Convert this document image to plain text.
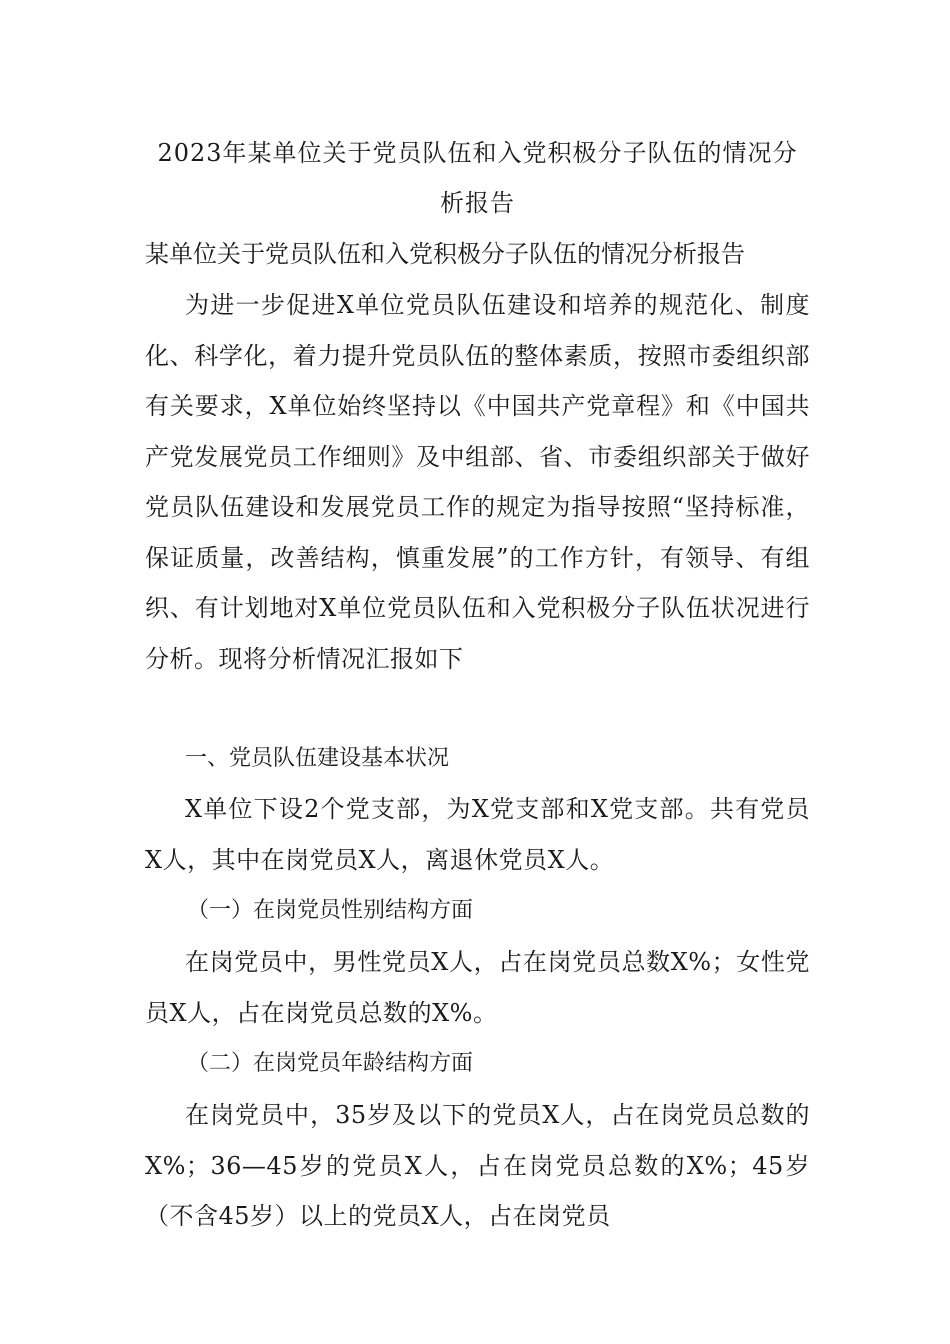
2023年某单位关于党员队伍和入党积极分子队伍的情况分析报告

某单位关于党员队伍和入党积极分子队伍的情况分析报告

为进一步促进X单位党员队伍建设和培养的规范化、制度化、科学化，着力提升党员队伍的整体素质，按照市委组织部有关要求，X单位始终坚持以《中国共产党章程》和《中国共产党发展党员工作细则》及中组部、省、市委组织部关于做好党员队伍建设和发展党员工作的规定为指导按照“坚持标准，保证质量，改善结构，慎重发展”的工作方针，有领导、有组织、有计划地对X单位党员队伍和入党积极分子队伍状况进行分析。现将分析情况汇报如下

一、党员队伍建设基本状况

X单位下设2个党支部，为X党支部和X党支部。共有党员X人，其中在岗党员X人，离退休党员X人。

（一）在岗党员性别结构方面

在岗党员中，男性党员X人，占在岗党员总数X%；女性党员X人，占在岗党员总数的X%。

（二）在岗党员年龄结构方面

在岗党员中，35岁及以下的党员X人，占在岗党员总数的X%；36—45岁的党员X人，占在岗党员总数的X%；45岁（不含45岁）以上的党员X人，占在岗党员
